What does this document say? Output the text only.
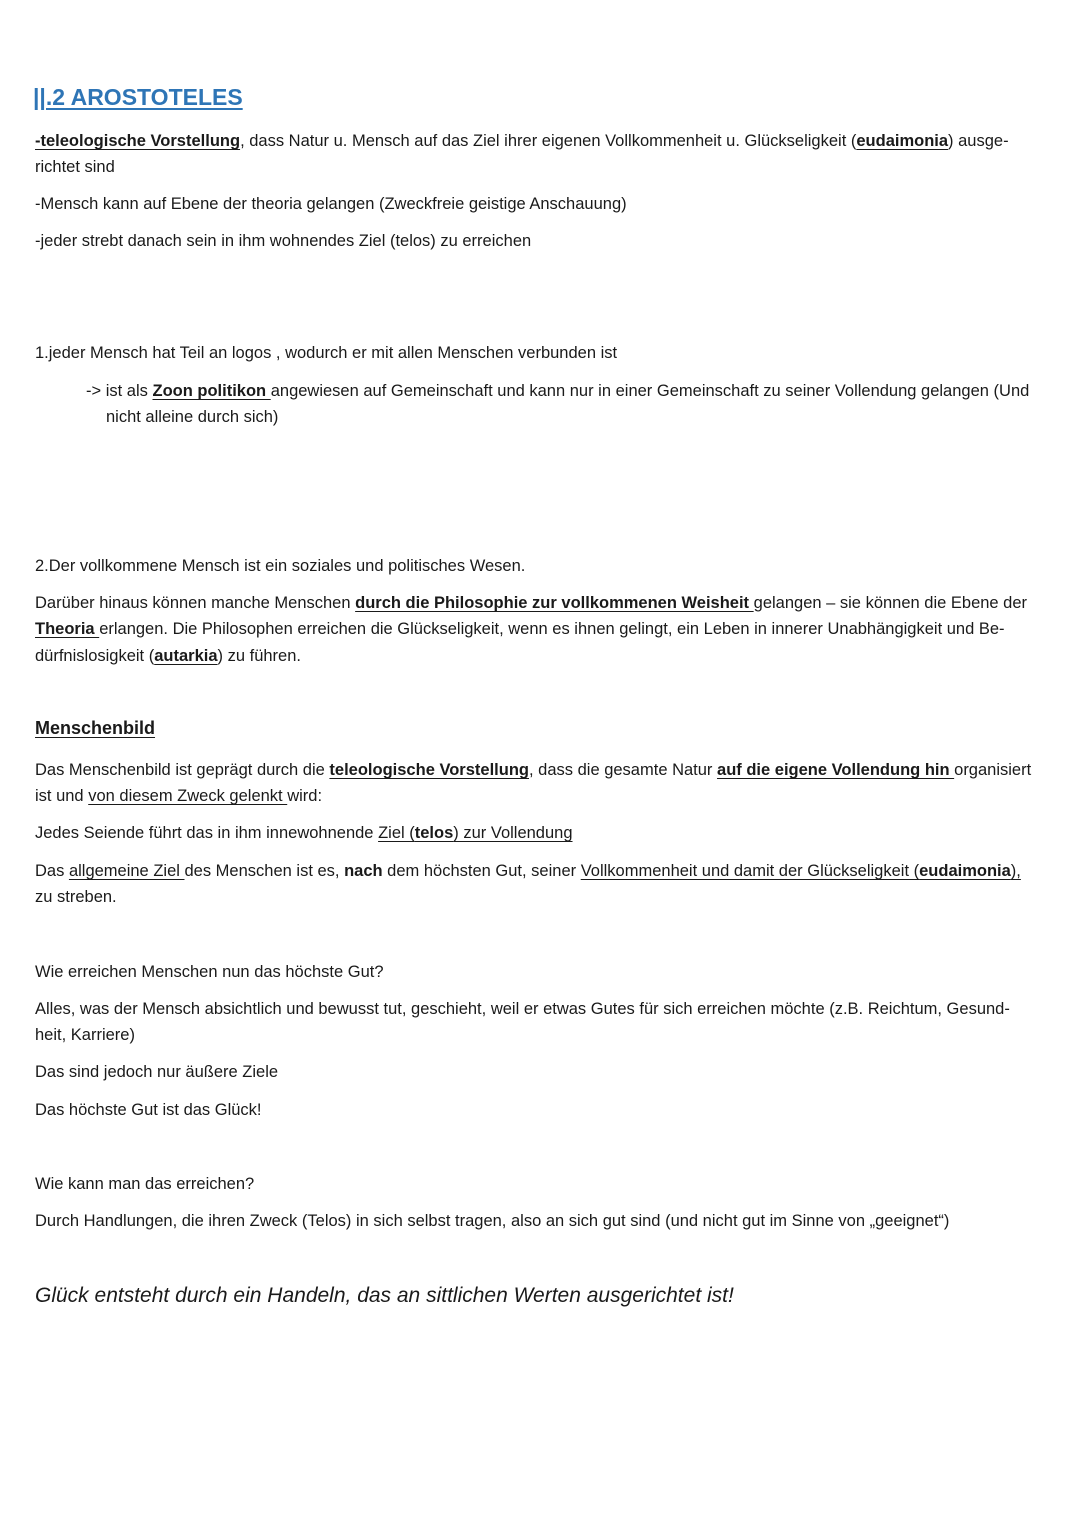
||.2 AROSTOTELES

-teleologische Vorstellung, dass Natur u. Mensch auf das Ziel ihrer eigenen Vollkommenheit u. Glückseligkeit (eudaimonia) ausge-

richtet sind

-Mensch kann auf Ebene der theoria gelangen (Zweckfreie geistige Anschauung)

-jeder strebt danach sein in ihm wohnendes Ziel (telos) zu erreichen

1.jeder Mensch hat Teil an logos , wodurch er mit allen Menschen verbunden ist

-> ist als Zoon politikon angewiesen auf Gemeinschaft und kann nur in einer Gemeinschaft zu seiner Vollendung gelangen (Und

nicht alleine durch sich)

2.Der vollkommene Mensch ist ein soziales und politisches Wesen.

Darüber hinaus können manche Menschen durch die Philosophie zur vollkommenen Weisheit gelangen – sie können die Ebene der

Theoria erlangen. Die Philosophen erreichen die Glückseligkeit, wenn es ihnen gelingt, ein Leben in innerer Unabhängigkeit und Be-

dürfnislosigkeit (autarkia) zu führen.

Menschenbild

Das Menschenbild ist geprägt durch die teleologische Vorstellung, dass die gesamte Natur auf die eigene Vollendung hin organisiert

ist und von diesem Zweck gelenkt wird:

Jedes Seiende führt das in ihm innewohnende Ziel (telos) zur Vollendung

Das allgemeine Ziel des Menschen ist es, nach dem höchsten Gut, seiner Vollkommenheit und damit der Glückseligkeit (eudaimonia),

zu streben.

Wie erreichen Menschen nun das höchste Gut?

Alles, was der Mensch absichtlich und bewusst tut, geschieht, weil er etwas Gutes für sich erreichen möchte (z.B. Reichtum, Gesund-

heit, Karriere)

Das sind jedoch nur äußere Ziele

Das höchste Gut ist das Glück!

Wie kann man das erreichen?

Durch Handlungen, die ihren Zweck (Telos) in sich selbst tragen, also an sich gut sind (und nicht gut im Sinne von „geeignet“)

Glück entsteht durch ein Handeln, das an sittlichen Werten ausgerichtet ist!
